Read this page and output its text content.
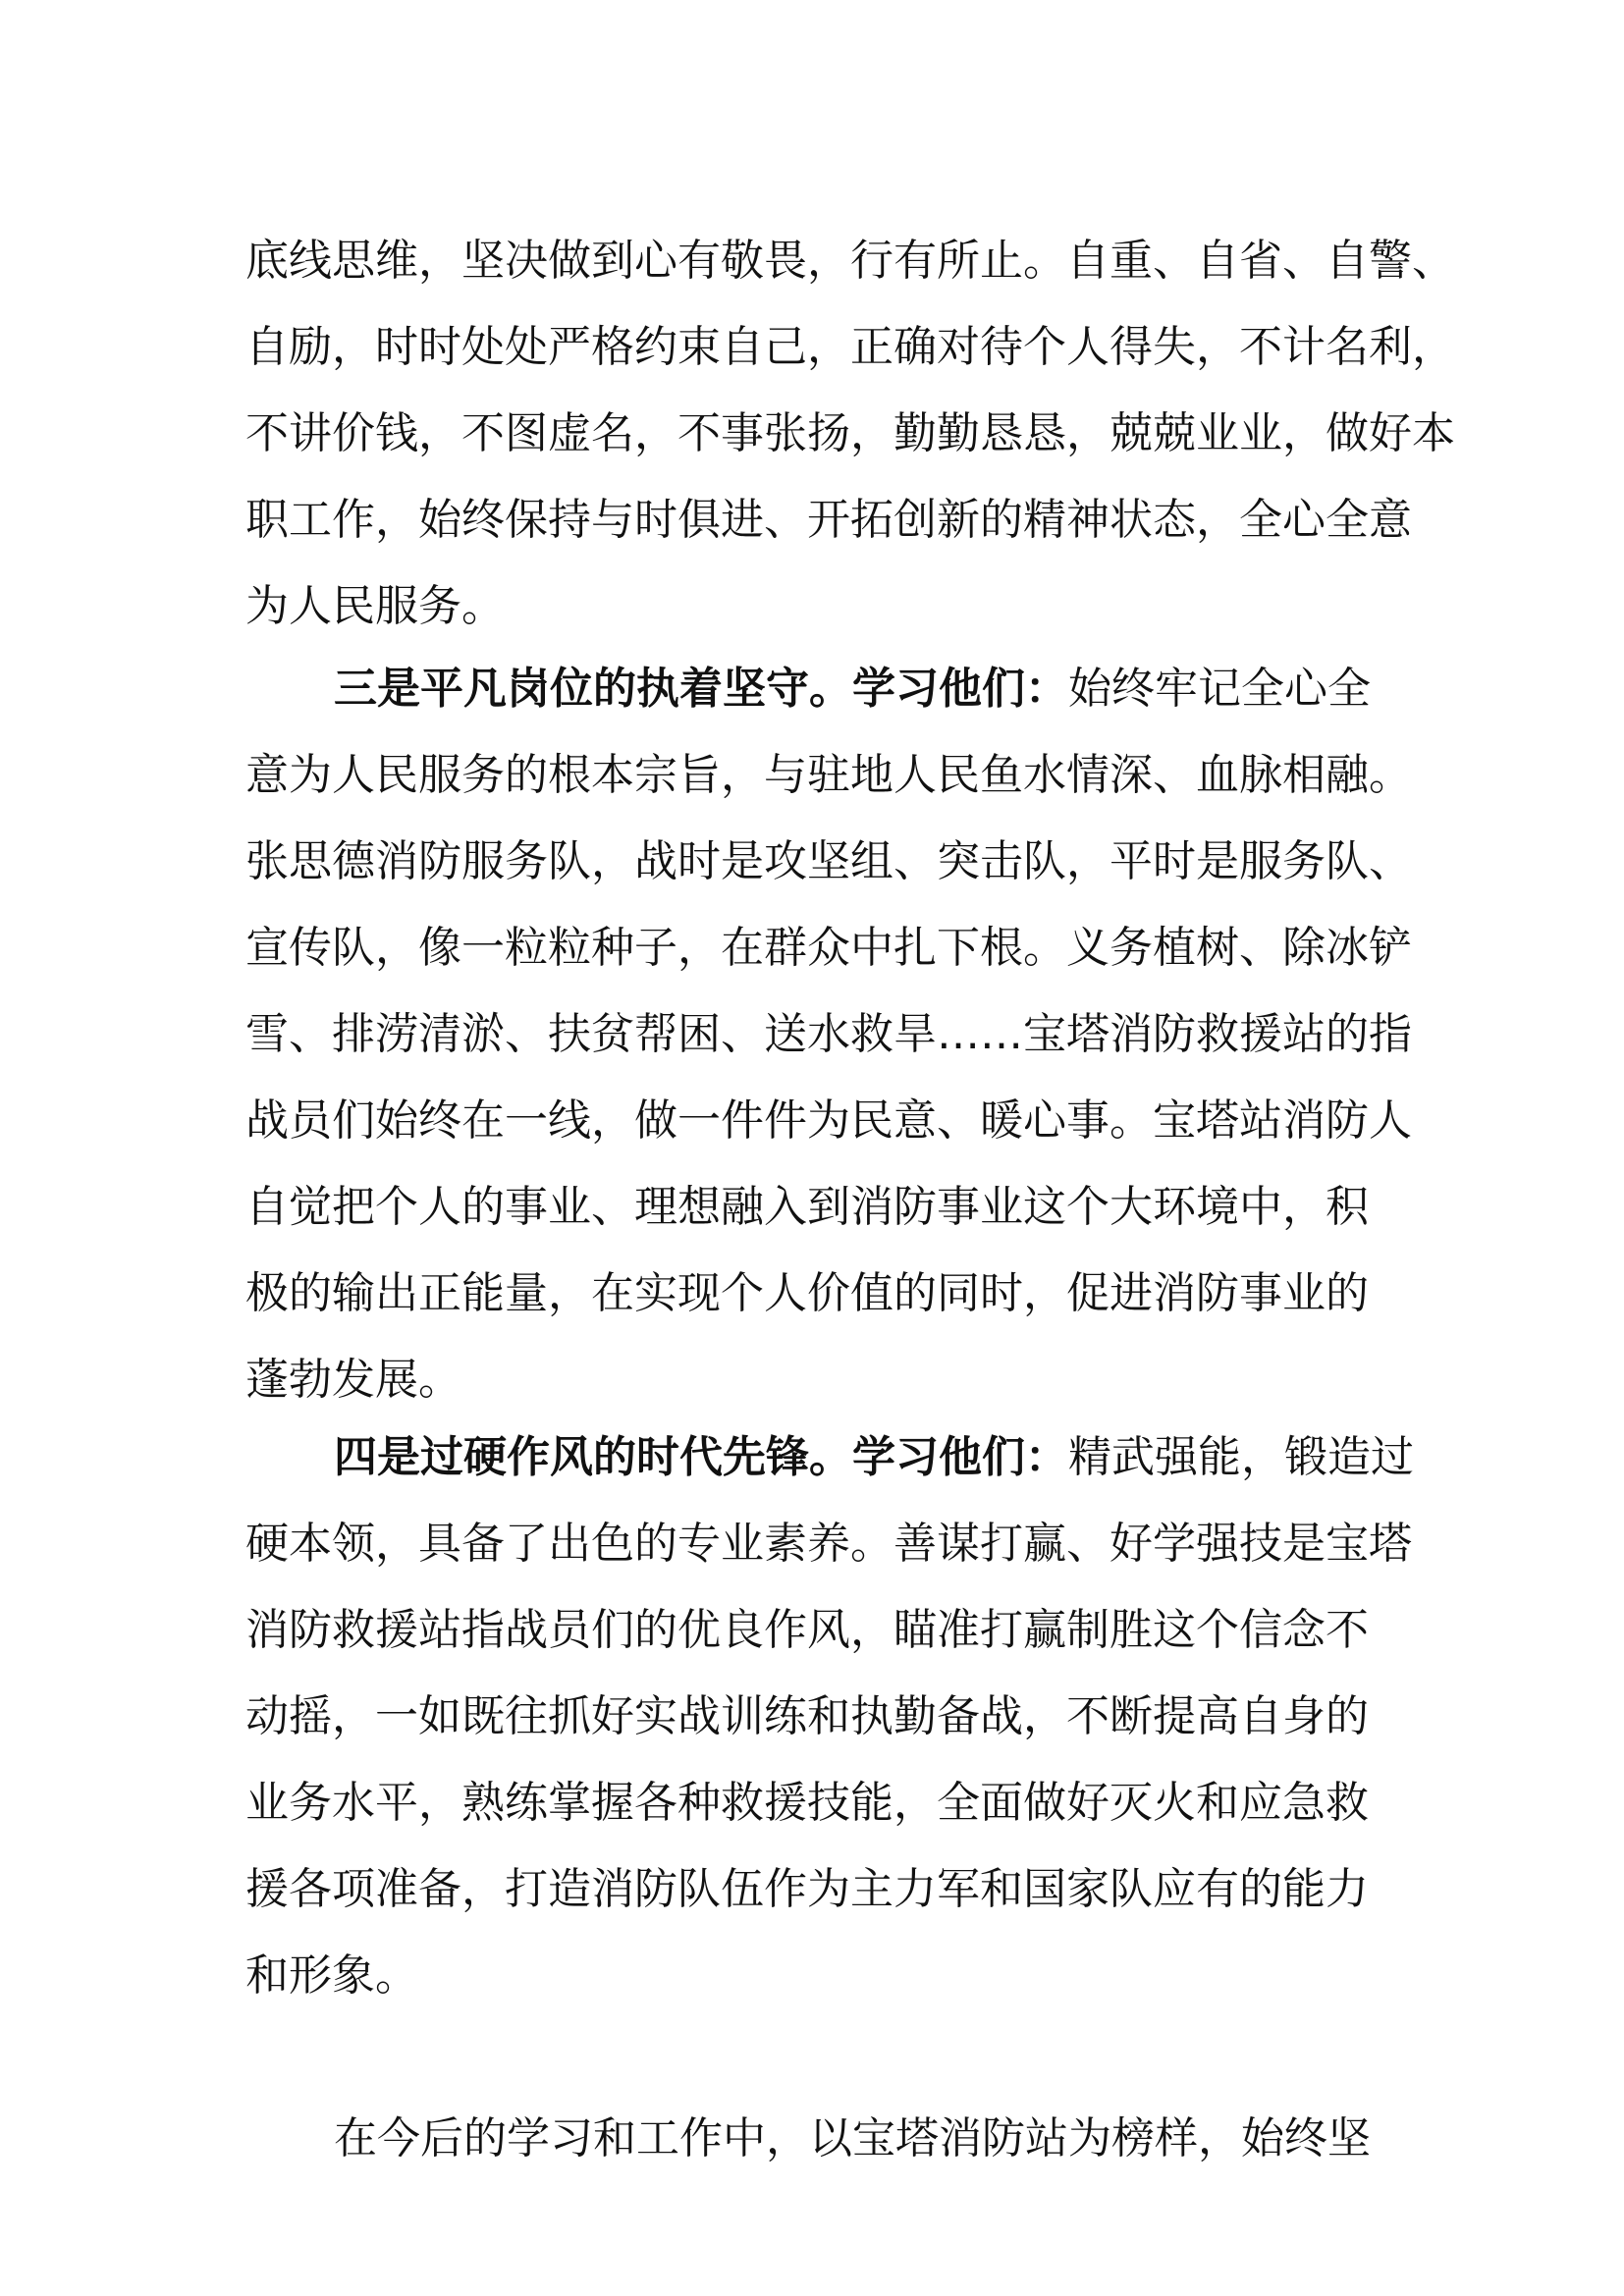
底线思维，坚决做到心有敬畏，行有所止。自重、自省、自警、
自励，时时处处严格约束自己，正确对待个人得失，不计名利，
不讲价钱，不图虚名，不事张扬，勤勤恳恳，兢兢业业，做好本
职工作，始终保持与时俱进、开拓创新的精神状态，全心全意
为人民服务。
三是平凡岗位的执着坚守。学习他们：始终牢记全心全
意为人民服务的根本宗旨，与驻地人民鱼水情深、血脉相融。
张思德消防服务队，战时是攻坚组、突击队，平时是服务队、
宣传队，像一粒粒种子，在群众中扎下根。义务植树、除冰铲
雪、排涝清淤、扶贫帮困、送水救旱……宝塔消防救援站的指
战员们始终在一线，做一件件为民意、暖心事。宝塔站消防人
自觉把个人的事业、理想融入到消防事业这个大环境中，积
极的输出正能量，在实现个人价值的同时，促进消防事业的
蓬勃发展。
四是过硬作风的时代先锋。学习他们：精武强能，锻造过
硬本领，具备了出色的专业素养。善谋打赢、好学强技是宝塔
消防救援站指战员们的优良作风，瞄准打赢制胜这个信念不
动摇，一如既往抓好实战训练和执勤备战，不断提高自身的
业务水平，熟练掌握各种救援技能，全面做好灭火和应急救
援各项准备，打造消防队伍作为主力军和国家队应有的能力
和形象。
在今后的学习和工作中，以宝塔消防站为榜样，始终坚
